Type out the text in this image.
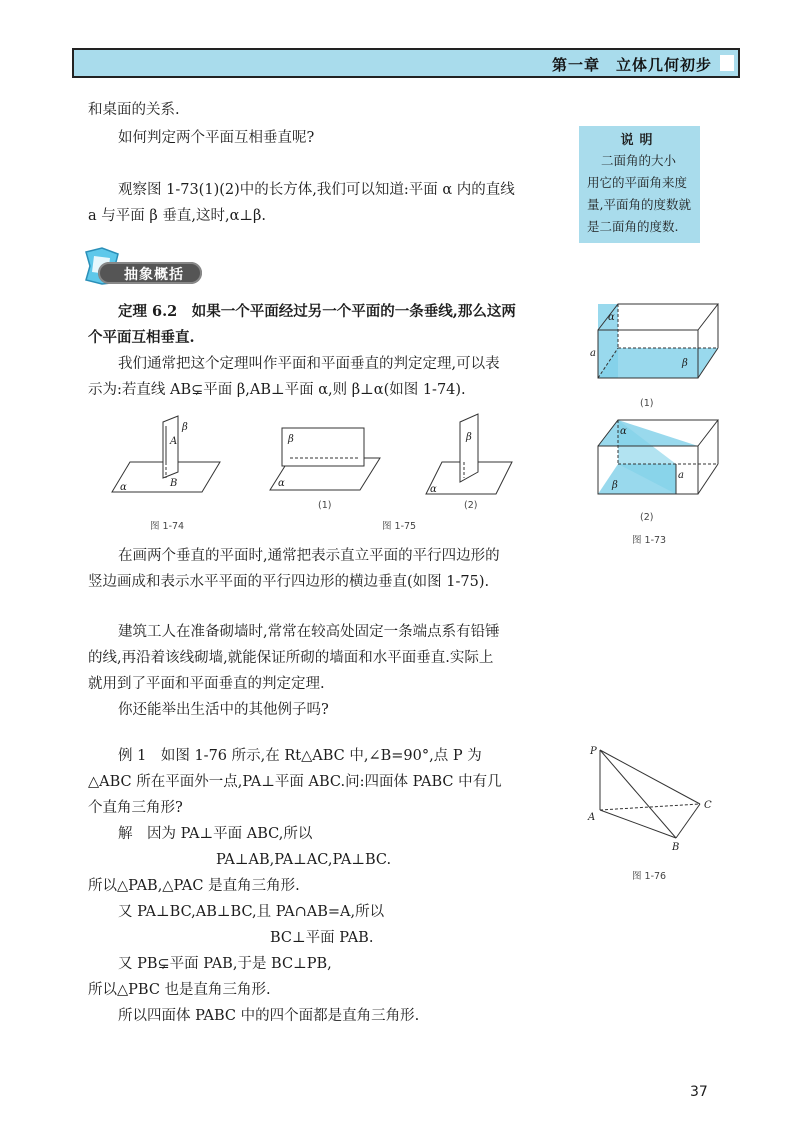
第一章　立体几何初步
和桌面的关系.
如何判定两个平面互相垂直呢?
观察图 1-73(1)(2)中的长方体,我们可以知道:平面 α 内的直线
a 与平面 β 垂直,这时,α⊥β.
说明
二面角的大小
用它的平面角来度
量,平面角的度数就
是二面角的度数.
抽象概括
定理 6.2　如果一个平面经过另一个平面的一条垂线,那么这两
个平面互相垂直.
我们通常把这个定理叫作平面和平面垂直的判定定理,可以表
示为:若直线 AB⊊平面 β,AB⊥平面 α,则 β⊥α(如图 1-74).
β
A
B
α
图 1-74
β
α
(1)
β
α
(2)
图 1-75
α
a
β
(1)
α
a
β
(2)
图 1-73
在画两个垂直的平面时,通常把表示直立平面的平行四边形的
竖边画成和表示水平平面的平行四边形的横边垂直(如图 1-75).
建筑工人在准备砌墙时,常常在较高处固定一条端点系有铅锤
的线,再沿着该线砌墙,就能保证所砌的墙面和水平面垂直.实际上
就用到了平面和平面垂直的判定定理.
你还能举出生活中的其他例子吗?
例 1　如图 1-76 所示,在 Rt△ABC 中,∠B=90°,点 P 为
△ABC 所在平面外一点,PA⊥平面 ABC.问:四面体 PABC 中有几
个直角三角形?
解　因为 PA⊥平面 ABC,所以
PA⊥AB,PA⊥AC,PA⊥BC.
所以△PAB,△PAC 是直角三角形.
又 PA⊥BC,AB⊥BC,且 PA∩AB=A,所以
BC⊥平面 PAB.
又 PB⊊平面 PAB,于是 BC⊥PB,
所以△PBC 也是直角三角形.
所以四面体 PABC 中的四个面都是直角三角形.
P
A
B
C
图 1-76
37
